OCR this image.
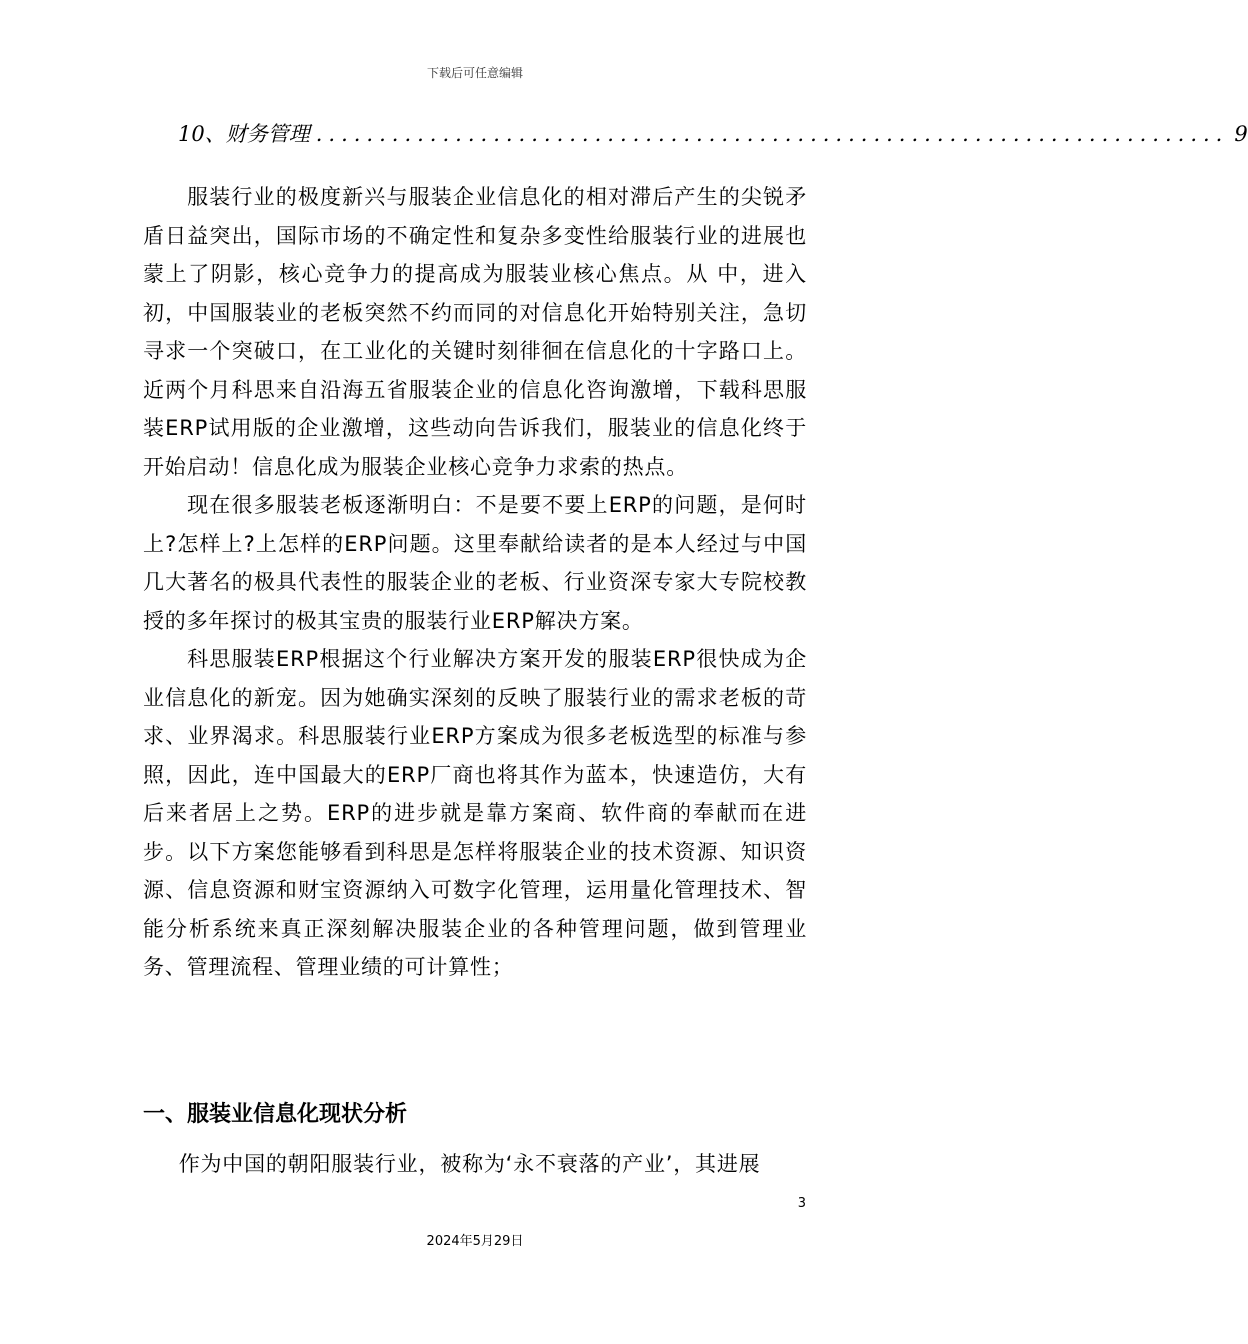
下载后可任意编辑
10、财务管理 ........................................................................ 9

服装行业的极度新兴与服装企业信息化的相对滞后产生的尖锐矛盾日益突出，国际市场的不确定性和复杂多变性给服装行业的进展也蒙上了阴影，核心竞争力的提高成为服装业核心焦点。从 中，进入 初，中国服装业的老板突然不约而同的对信息化开始特别关注，急切寻求一个突破口，在工业化的关键时刻徘徊在信息化的十字路口上。近两个月科思来自沿海五省服装企业的信息化咨询激增，下载科思服装ERP试用版的企业激增，这些动向告诉我们，服装业的信息化终于开始启动！信息化成为服装企业核心竞争力求索的热点。

现在很多服装老板逐渐明白：不是要不要上ERP的问题，是何时上?怎样上?上怎样的ERP问题。这里奉献给读者的是本人经过与中国几大著名的极具代表性的服装企业的老板、行业资深专家大专院校教授的多年探讨的极其宝贵的服装行业ERP解决方案。

科思服装ERP根据这个行业解决方案开发的服装ERP很快成为企业信息化的新宠。因为她确实深刻的反映了服装行业的需求老板的苛求、业界渴求。科思服装行业ERP方案成为很多老板选型的标准与参照，因此，连中国最大的ERP厂商也将其作为蓝本，快速造仿，大有后来者居上之势。ERP的进步就是靠方案商、软件商的奉献而在进步。以下方案您能够看到科思是怎样将服装企业的技术资源、知识资源、信息资源和财宝资源纳入可数字化管理，运用量化管理技术、智能分析系统来真正深刻解决服装企业的各种管理问题，做到管理业务、管理流程、管理业绩的可计算性；

一、服装业信息化现状分析
作为中国的朝阳服装行业，被称为‘永不衰落的产业’，其进展
3
2024年5月29日
